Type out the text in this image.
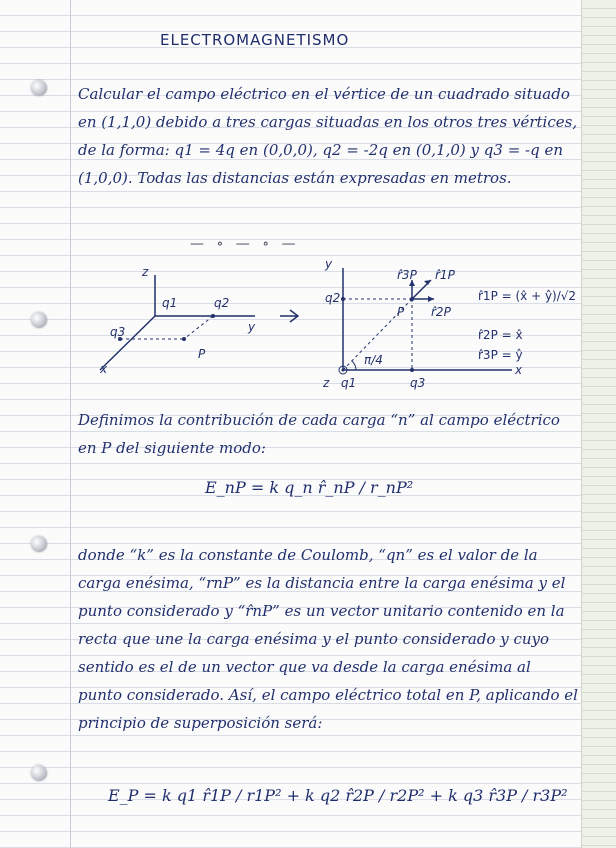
ELECTROMAGNETISMO
Calcular el campo eléctrico en el vértice de un cuadrado situado en (1,1,0) debido a tres cargas situadas en los otros tres vértices, de la forma: q1 = 4q en (0,0,0), q2 = -2q en (0,1,0) y q3 = -q en (1,0,0). Todas las distancias están expresadas en metros.
— ∘ — ∘ —
z
q1	q2
q3	y
P
x
y
q2
P
r̂3P r̂1P
r̂2P
π/4
q1	q3
x
z
r̂1P = (x̂ + ŷ)/√2
r̂2P = x̂
r̂3P = ŷ
Definimos la contribución de cada carga “n” al campo eléctrico en P del siguiente modo:
E_nP = k q_n r̂_nP / r_nP²
donde “k” es la constante de Coulomb, “qn” es el valor de la carga enésima, “rnP” es la distancia entre la carga enésima y el punto considerado y “r̂nP” es un vector unitario contenido en la recta que une la carga enésima y el punto considerado y cuyo sentido es el de un vector que va desde la carga enésima al punto considerado. Así, el campo eléctrico total en P, aplicando el principio de superposición será:
E_P = k q1 r̂1P / r1P² + k q2 r̂2P / r2P² + k q3 r̂3P / r3P²
